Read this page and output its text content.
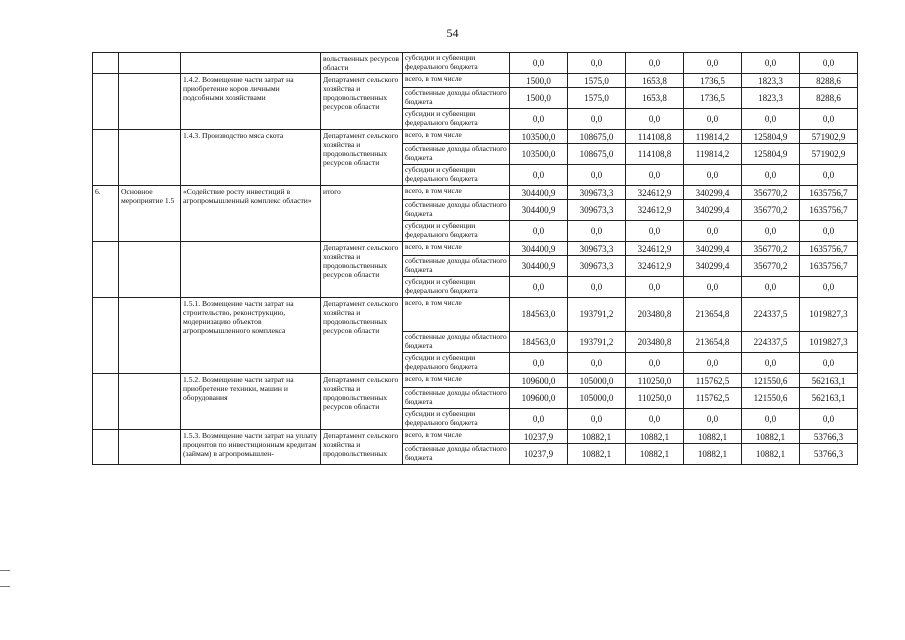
54
			вольственных ресурсов области	субсидии и субвенции федерального бюджета	0,0	0,0	0,0	0,0	0,0	0,0
		1.4.2. Возмещение части затрат на приобретение коров личными подсобными хозяйствами	Департамент сельского хозяйства и продовольственных ресурсов области	всего, в том числе	1500,0	1575,0	1653,8	1736,5	1823,3	8288,6
				собственные доходы областного бюджета	1500,0	1575,0	1653,8	1736,5	1823,3	8288,6
				субсидии и субвенции федерального бюджета	0,0	0,0	0,0	0,0	0,0	0,0
		1.4.3. Производство мяса скота	Департамент сельского хозяйства и продовольственных ресурсов области	всего, в том числе	103500,0	108675,0	114108,8	119814,2	125804,9	571902,9
				собственные доходы областного бюджета	103500,0	108675,0	114108,8	119814,2	125804,9	571902,9
				субсидии и субвенции федерального бюджета	0,0	0,0	0,0	0,0	0,0	0,0
6.	Основное мероприятие 1.5	«Содействие росту инвестиций в агропромышленный комплекс области»	итого	всего, в том числе	304400,9	309673,3	324612,9	340299,4	356770,2	1635756,7
				собственные доходы областного бюджета	304400,9	309673,3	324612,9	340299,4	356770,2	1635756,7
				субсидии и субвенции федерального бюджета	0,0	0,0	0,0	0,0	0,0	0,0
			Департамент сельского хозяйства и продовольственных ресурсов области	всего, в том числе	304400,9	309673,3	324612,9	340299,4	356770,2	1635756,7
				собственные доходы областного бюджета	304400,9	309673,3	324612,9	340299,4	356770,2	1635756,7
				субсидии и субвенции федерального бюджета	0,0	0,0	0,0	0,0	0,0	0,0
		1.5.1. Возмещение части затрат на строительство, реконструкцию, модернизацию объектов агропромышленного комплекса	Департамент сельского хозяйства и продовольственных ресурсов области	всего, в том числе	184563,0	193791,2	203480,8	213654,8	224337,5	1019827,3
				собственные доходы областного бюджета	184563,0	193791,2	203480,8	213654,8	224337,5	1019827,3
				субсидии и субвенции федерального бюджета	0,0	0,0	0,0	0,0	0,0	0,0
		1.5.2. Возмещение части затрат на приобретение техники, машин и оборудования	Департамент сельского хозяйства и продовольственных ресурсов области	всего, в том числе	109600,0	105000,0	110250,0	115762,5	121550,6	562163,1
				собственные доходы областного бюджета	109600,0	105000,0	110250,0	115762,5	121550,6	562163,1
				субсидии и субвенции федерального бюджета	0,0	0,0	0,0	0,0	0,0	0,0
		1.5.3. Возмещение части затрат на уплату процентов по инвестиционным кредитам (займам) в агропромышлен-	Департамент сельского хозяйства и продовольственных	всего, в том числе	10237,9	10882,1	10882,1	10882,1	10882,1	53766,3
				собственные доходы областного бюджета	10237,9	10882,1	10882,1	10882,1	10882,1	53766,3
